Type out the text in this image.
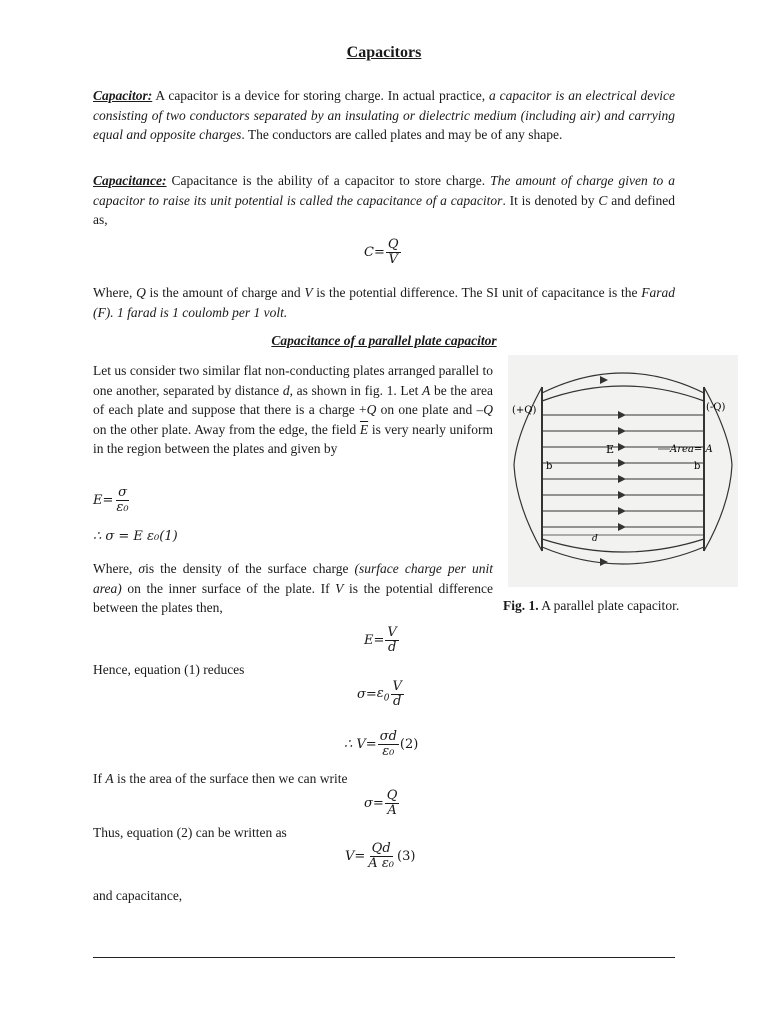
Capacitors
Capacitor: A capacitor is a device for storing charge. In actual practice, a capacitor is an electrical device consisting of two conductors separated by an insulating or dielectric medium (including air) and carrying equal and opposite charges. The conductors are called plates and may be of any shape.
Capacitance: Capacitance is the ability of a capacitor to store charge. The amount of charge given to a capacitor to raise its unit potential is called the capacitance of a capacitor. It is denoted by C and defined as,
$C = \frac{Q}{V}$
Where, Q is the amount of charge and V is the potential difference. The SI unit of capacitance is the Farad (F). 1 farad is 1 coulomb per 1 volt.
Capacitance of a parallel plate capacitor
Let us consider two similar flat non-conducting plates arranged parallel to one another, separated by distance d, as shown in fig. 1. Let A be the area of each plate and suppose that there is a charge +Q on one plate and –Q on the other plate. Away from the edge, the field $\overline{E}$ is very nearly uniform in the region between the plates and given by
$E = \frac{\sigma}{\text{ε₀}}$
∴ σ = E ε₀(1)
Where, σis the density of the surface charge (surface charge per unit area) on the inner surface of the plate. If V is the potential difference between the plates then,
d
(+Q)	(-Q)
E	Area= A
b	b
Fig. 1. A parallel plate capacitor.
$E = \frac{V}{d}$
Hence, equation (1) reduces
$\sigma = \varepsilon_0 \frac{V}{d}$
∴ $V = \frac{\sigma d}{\text{ε₀}} (2)$
If A is the area of the surface then we can write
$\sigma = \frac{Q}{A}$
Thus, equation (2) can be written as
$V = \frac{Qd}{\text{A ε₀}} (3)$
and capacitance,
